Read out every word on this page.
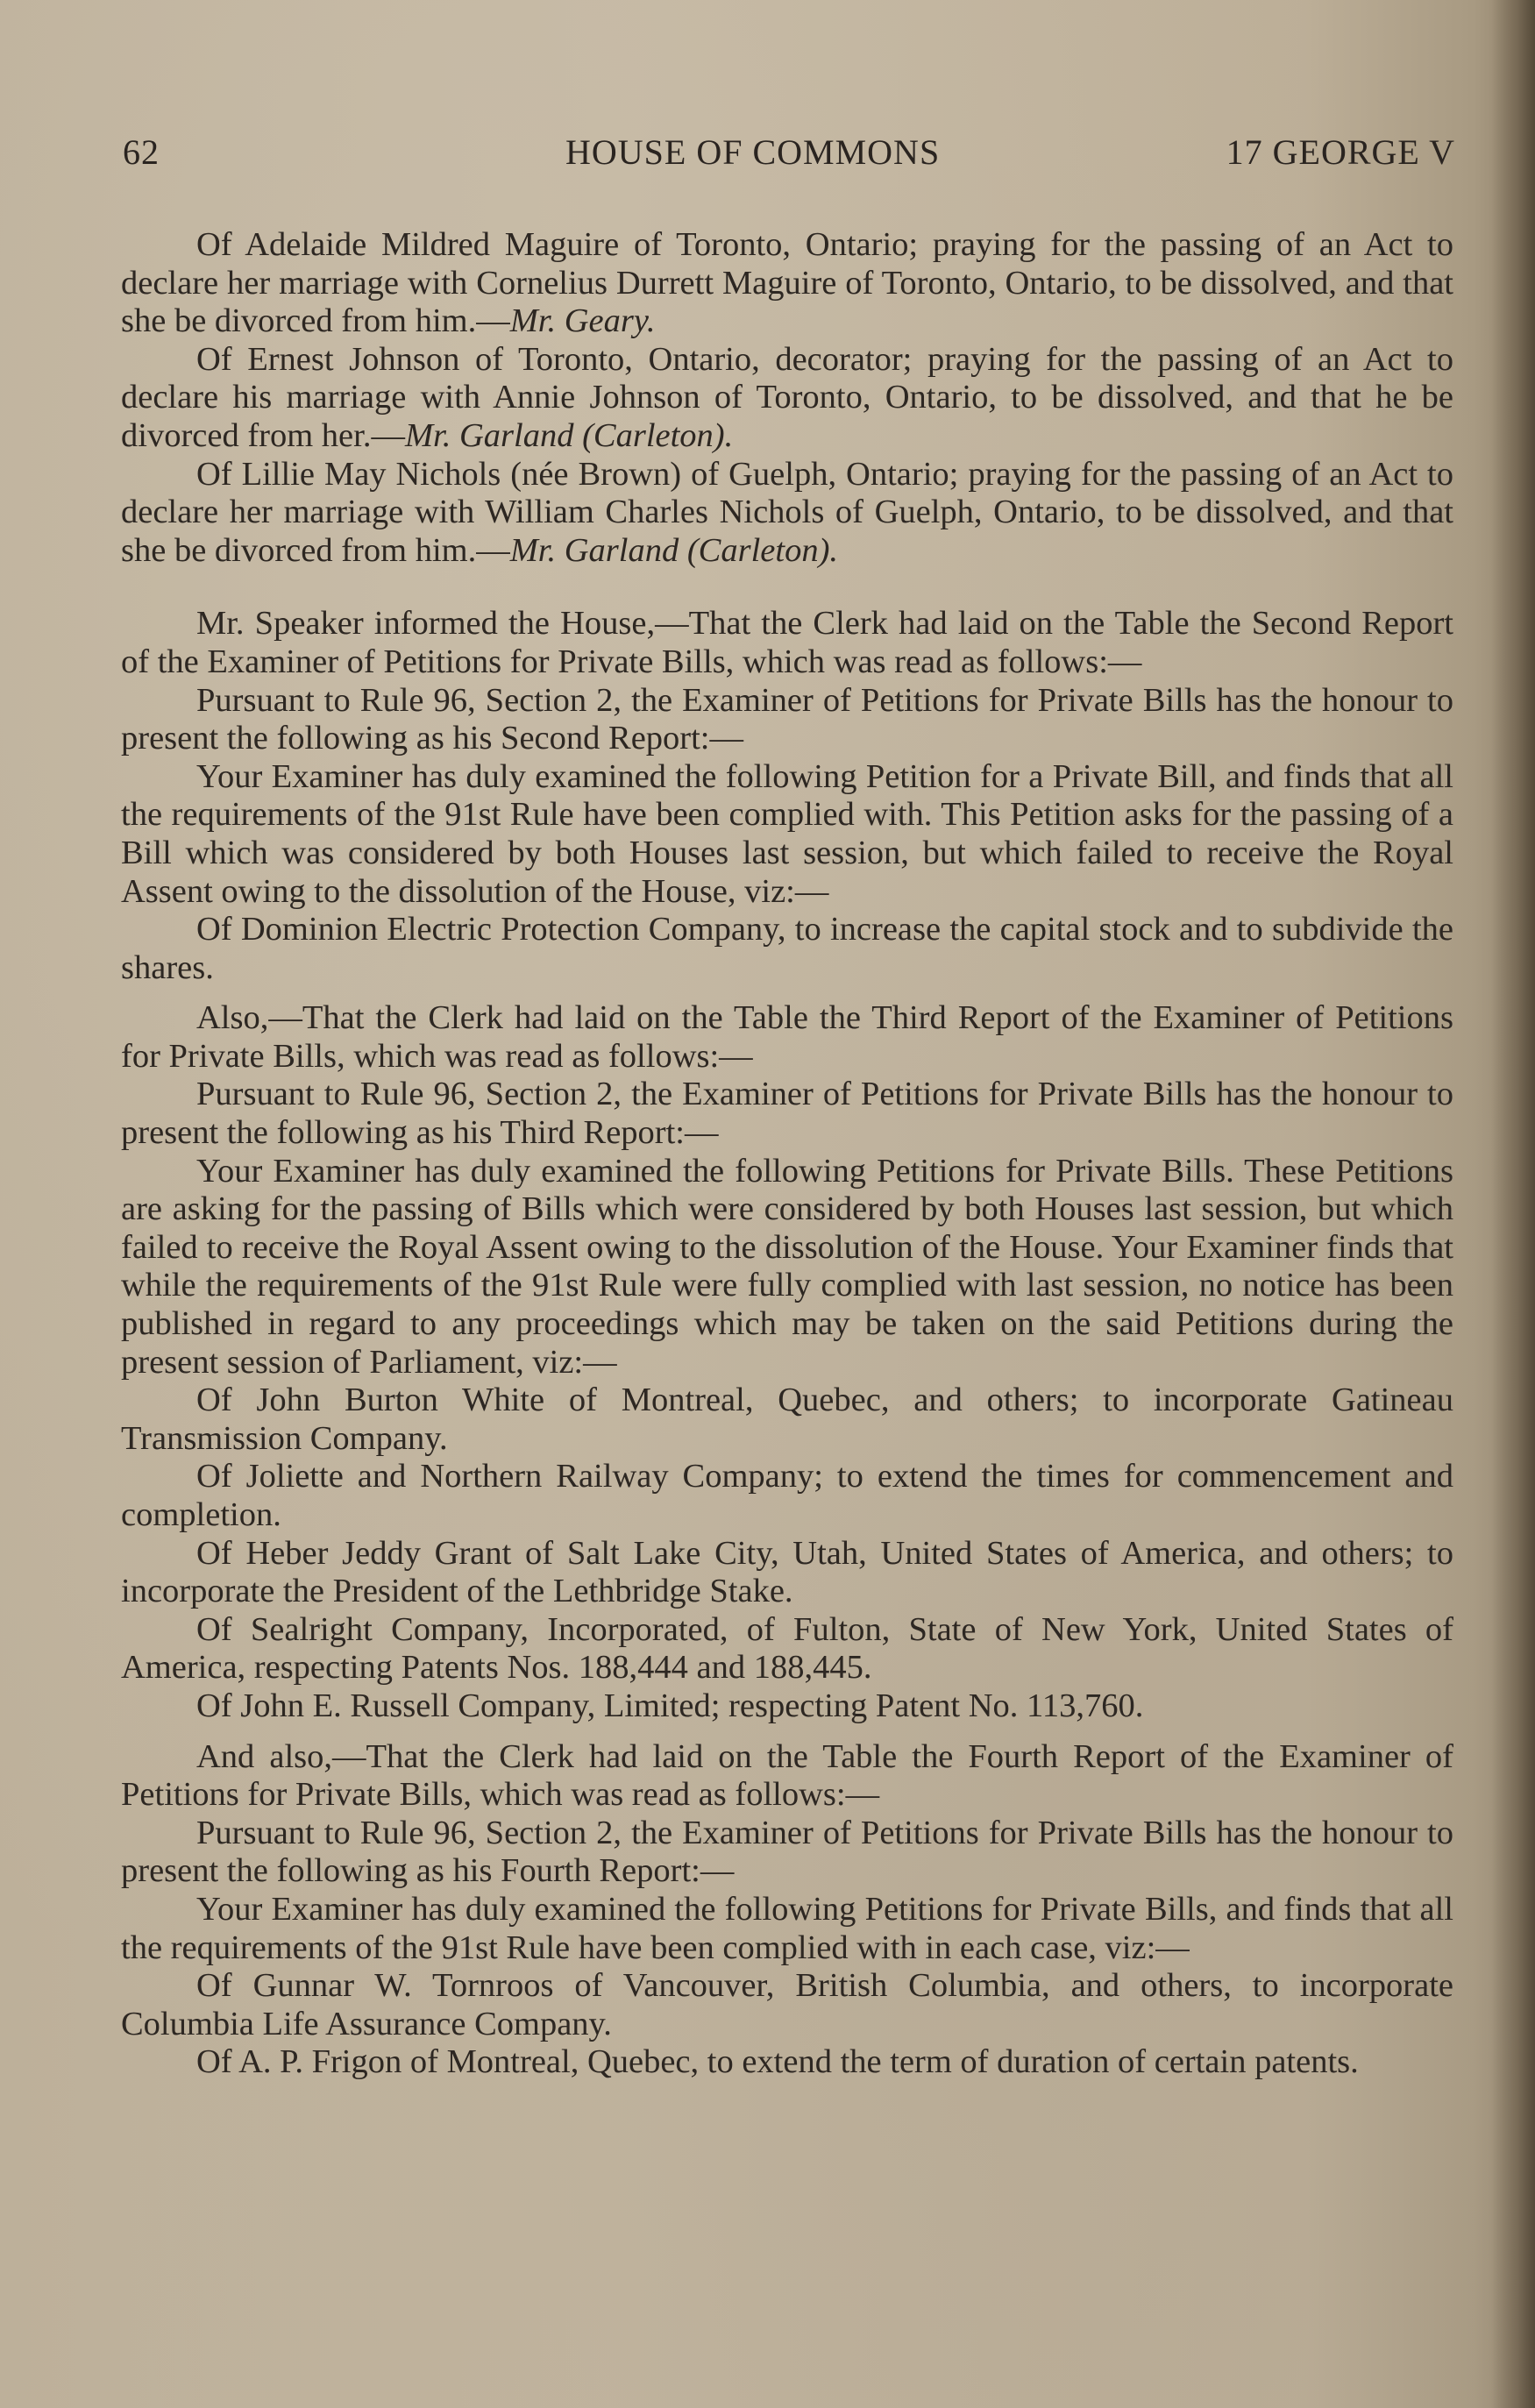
62	HOUSE OF COMMONS	17 GEORGE V

Of Adelaide Mildred Maguire of Toronto, Ontario; praying for the passing of an Act to declare her marriage with Cornelius Durrett Maguire of Toronto, Ontario, to be dissolved, and that she be divorced from him.—Mr. Geary.

Of Ernest Johnson of Toronto, Ontario, decorator; praying for the passing of an Act to declare his marriage with Annie Johnson of Toronto, Ontario, to be dissolved, and that he be divorced from her.—Mr. Garland (Carleton).

Of Lillie May Nichols (née Brown) of Guelph, Ontario; praying for the passing of an Act to declare her marriage with William Charles Nichols of Guelph, Ontario, to be dissolved, and that she be divorced from him.—Mr. Garland (Carleton).

Mr. Speaker informed the House,—That the Clerk had laid on the Table the Second Report of the Examiner of Petitions for Private Bills, which was read as follows:—

Pursuant to Rule 96, Section 2, the Examiner of Petitions for Private Bills has the honour to present the following as his Second Report:—

Your Examiner has duly examined the following Petition for a Private Bill, and finds that all the requirements of the 91st Rule have been complied with. This Petition asks for the passing of a Bill which was considered by both Houses last session, but which failed to receive the Royal Assent owing to the dissolution of the House, viz:—

Of Dominion Electric Protection Company, to increase the capital stock and to subdivide the shares.

Also,—That the Clerk had laid on the Table the Third Report of the Examiner of Petitions for Private Bills, which was read as follows:—

Pursuant to Rule 96, Section 2, the Examiner of Petitions for Private Bills has the honour to present the following as his Third Report:—

Your Examiner has duly examined the following Petitions for Private Bills. These Petitions are asking for the passing of Bills which were considered by both Houses last session, but which failed to receive the Royal Assent owing to the dissolution of the House. Your Examiner finds that while the requirements of the 91st Rule were fully complied with last session, no notice has been published in regard to any proceedings which may be taken on the said Petitions during the present session of Parliament, viz:—

Of John Burton White of Montreal, Quebec, and others; to incorporate Gatineau Transmission Company.

Of Joliette and Northern Railway Company; to extend the times for commencement and completion.

Of Heber Jeddy Grant of Salt Lake City, Utah, United States of America, and others; to incorporate the President of the Lethbridge Stake.

Of Sealright Company, Incorporated, of Fulton, State of New York, United States of America, respecting Patents Nos. 188,444 and 188,445.

Of John E. Russell Company, Limited; respecting Patent No. 113,760.

And also,—That the Clerk had laid on the Table the Fourth Report of the Examiner of Petitions for Private Bills, which was read as follows:—

Pursuant to Rule 96, Section 2, the Examiner of Petitions for Private Bills has the honour to present the following as his Fourth Report:—

Your Examiner has duly examined the following Petitions for Private Bills, and finds that all the requirements of the 91st Rule have been complied with in each case, viz:—

Of Gunnar W. Tornroos of Vancouver, British Columbia, and others, to incorporate Columbia Life Assurance Company.

Of A. P. Frigon of Montreal, Quebec, to extend the term of duration of certain patents.
